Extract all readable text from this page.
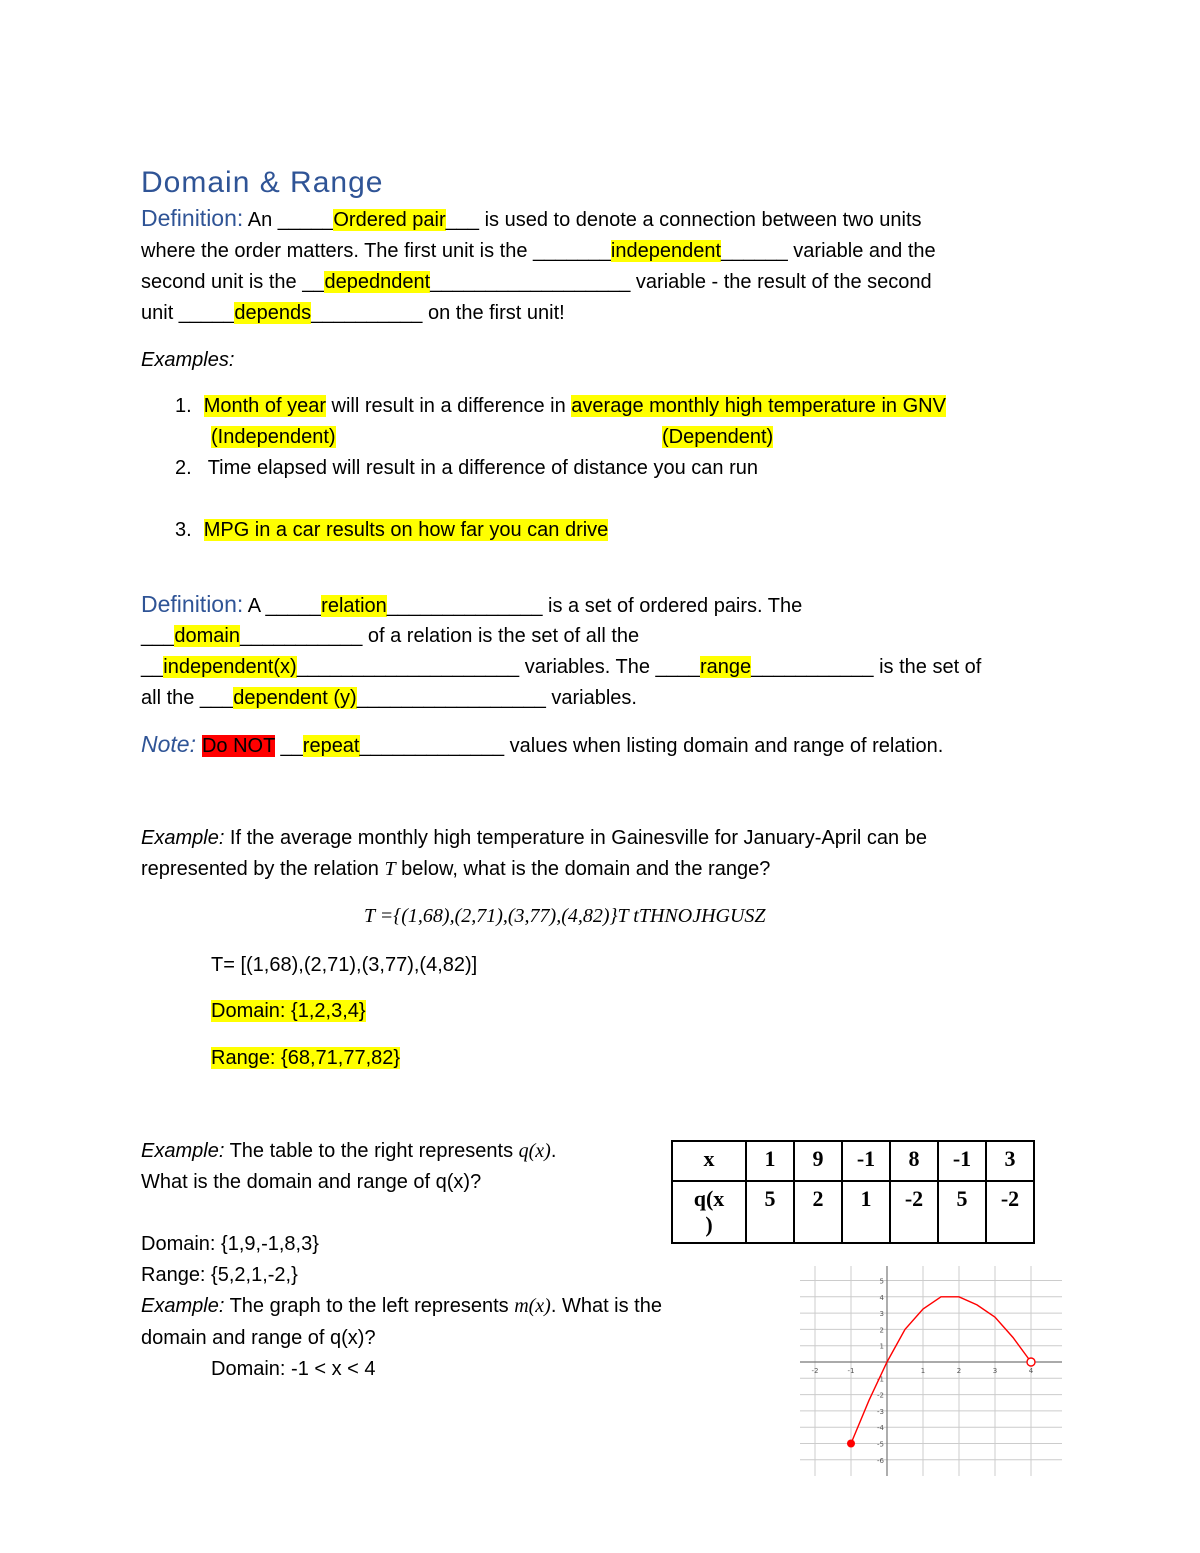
Domain & Range
Definition: An _____Ordered pair___ is used to denote a connection between two units
where the order matters. The first unit is the _______independent______ variable and the
second unit is the __depedndent__________________ variable - the result of the second
unit _____depends__________ on the first unit!
Examples:
1. Month of year will result in a difference in average monthly high temperature in GNV
(Independent)	(Dependent)
2. Time elapsed will result in a difference of distance you can run
3. MPG in a car results on how far you can drive
Definition: A _____relation______________ is a set of ordered pairs. The
___domain___________ of a relation is the set of all the
__independent(x)____________________ variables. The ____range___________ is the set of
all the ___dependent (y)_________________ variables.
Note: Do NOT __repeat_____________ values when listing domain and range of relation.
Example: If the average monthly high temperature in Gainesville for January-April can be
represented by the relation T below, what is the domain and the range?
T ={(1,68),(2,71),(3,77),(4,82)}T tTHNOJHGUSZ
T= [(1,68),(2,71),(3,77),(4,82)]
Domain: {1,2,3,4}
Range: {68,71,77,82}
Example: The table to the right represents q(x).
What is the domain and range of q(x)?
Domain: {1,9,-1,8,3}
Range: {5,2,1,-2,}
x	1	9	-1	8	-1	3
q(x
)	5	2	1	-2	5	-2
Example: The graph to the left represents m(x). What is the
domain and range of q(x)?
Domain: -1 < x < 4	-2	-1	1	2	3	4
5
4
3
2
1
-1
-2
-3
-4
-5
-6
